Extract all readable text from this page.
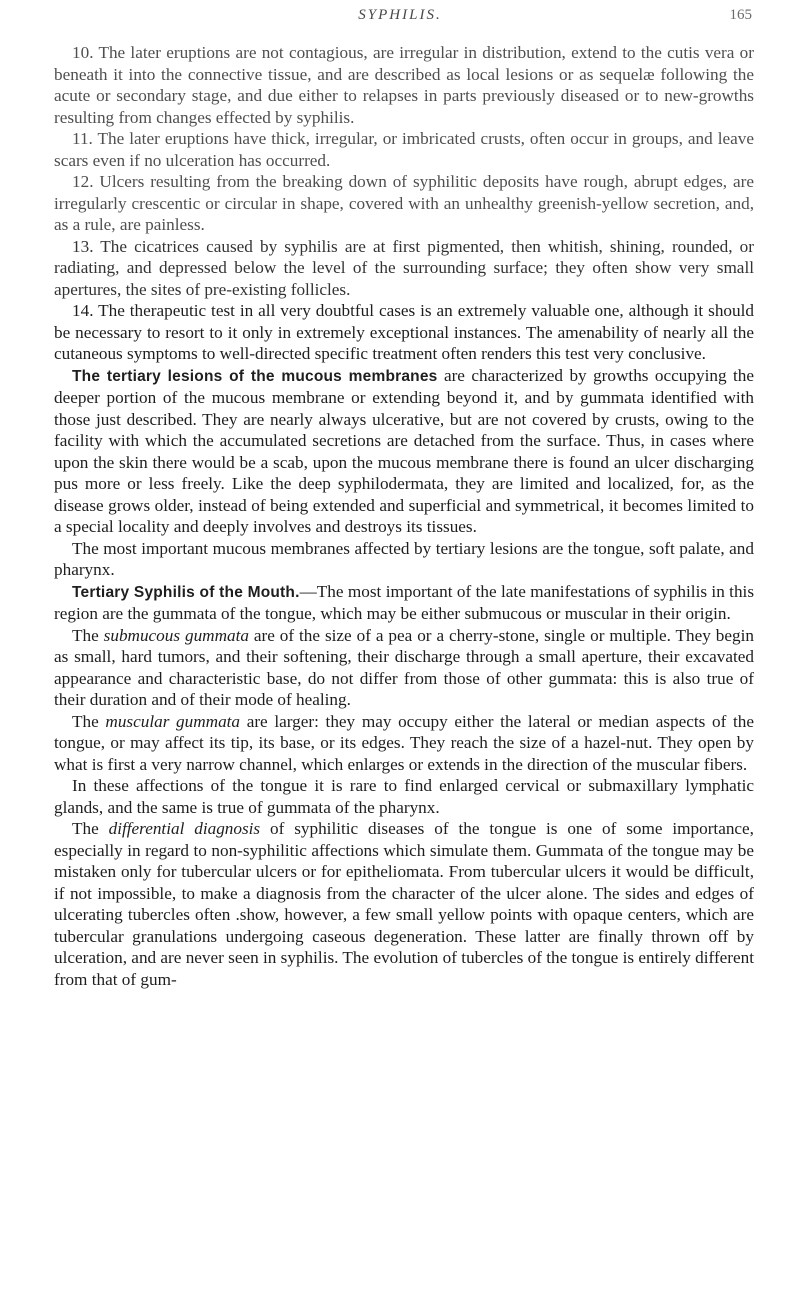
SYPHILIS.	165

10. The later eruptions are not contagious, are irregular in distribution, extend to the cutis vera or beneath it into the connective tissue, and are described as local lesions or as sequelæ following the acute or secondary stage, and due either to relapses in parts previously diseased or to new-growths resulting from changes effected by syphilis.

11. The later eruptions have thick, irregular, or imbricated crusts, often occur in groups, and leave scars even if no ulceration has occurred.

12. Ulcers resulting from the breaking down of syphilitic deposits have rough, abrupt edges, are irregularly crescentic or circular in shape, covered with an unhealthy greenish-yellow secretion, and, as a rule, are painless.

13. The cicatrices caused by syphilis are at first pigmented, then whitish, shining, rounded, or radiating, and depressed below the level of the surrounding surface; they often show very small apertures, the sites of pre-existing follicles.

14. The therapeutic test in all very doubtful cases is an extremely valuable one, although it should be necessary to resort to it only in extremely exceptional instances. The amenability of nearly all the cutaneous symptoms to well-directed specific treatment often renders this test very conclusive.

The tertiary lesions of the mucous membranes are characterized by growths occupying the deeper portion of the mucous membrane or extending beyond it, and by gummata identified with those just described. They are nearly always ulcerative, but are not covered by crusts, owing to the facility with which the accumulated secretions are detached from the surface. Thus, in cases where upon the skin there would be a scab, upon the mucous membrane there is found an ulcer discharging pus more or less freely. Like the deep syphilodermata, they are limited and localized, for, as the disease grows older, instead of being extended and superficial and symmetrical, it becomes limited to a special locality and deeply involves and destroys its tissues.

The most important mucous membranes affected by tertiary lesions are the tongue, soft palate, and pharynx.

Tertiary Syphilis of the Mouth.—The most important of the late manifestations of syphilis in this region are the gummata of the tongue, which may be either submucous or muscular in their origin.

The submucous gummata are of the size of a pea or a cherry-stone, single or multiple. They begin as small, hard tumors, and their softening, their discharge through a small aperture, their excavated appearance and characteristic base, do not differ from those of other gummata: this is also true of their duration and of their mode of healing.

The muscular gummata are larger: they may occupy either the lateral or median aspects of the tongue, or may affect its tip, its base, or its edges. They reach the size of a hazel-nut. They open by what is first a very narrow channel, which enlarges or extends in the direction of the muscular fibers.

In these affections of the tongue it is rare to find enlarged cervical or submaxillary lymphatic glands, and the same is true of gummata of the pharynx.

The differential diagnosis of syphilitic diseases of the tongue is one of some importance, especially in regard to non-syphilitic affections which simulate them. Gummata of the tongue may be mistaken only for tubercular ulcers or for epitheliomata. From tubercular ulcers it would be difficult, if not impossible, to make a diagnosis from the character of the ulcer alone. The sides and edges of ulcerating tubercles often .show, however, a few small yellow points with opaque centers, which are tubercular granulations undergoing caseous degeneration. These latter are finally thrown off by ulceration, and are never seen in syphilis. The evolution of tubercles of the tongue is entirely different from that of gum-
